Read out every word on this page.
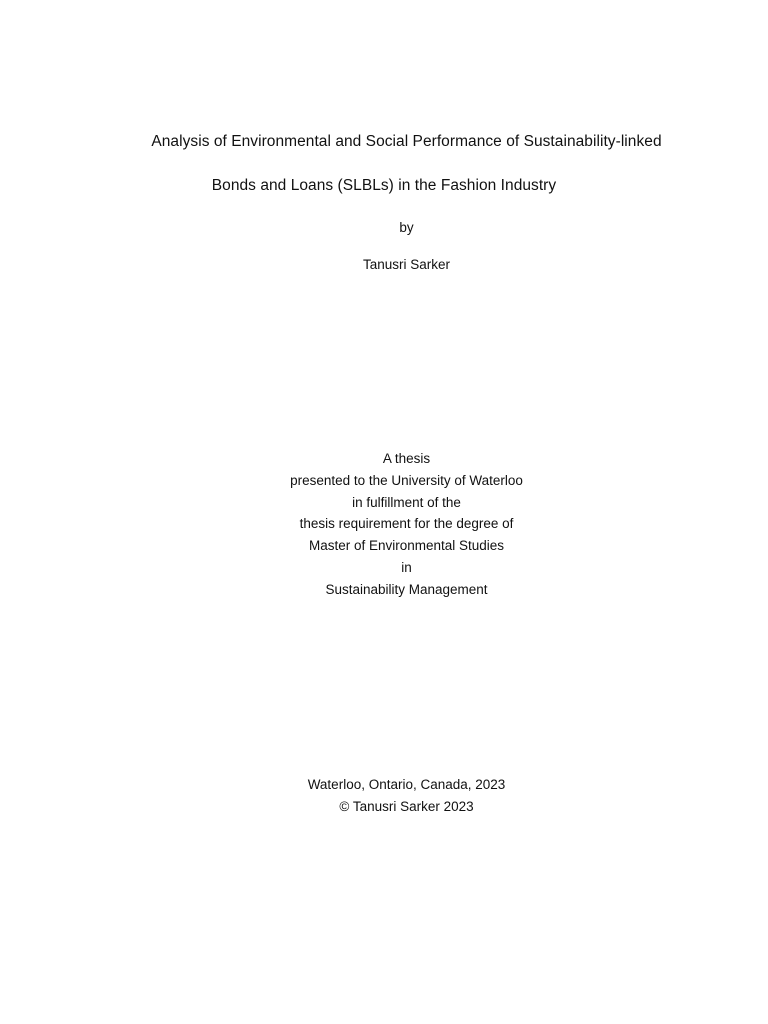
Analysis of Environmental and Social Performance of Sustainability-linked
Bonds and Loans (SLBLs) in the Fashion Industry
by
Tanusri Sarker
A thesis
presented to the University of Waterloo
in fulfillment of the
thesis requirement for the degree of
Master of Environmental Studies
in
Sustainability Management
Waterloo, Ontario, Canada, 2023
© Tanusri Sarker 2023
